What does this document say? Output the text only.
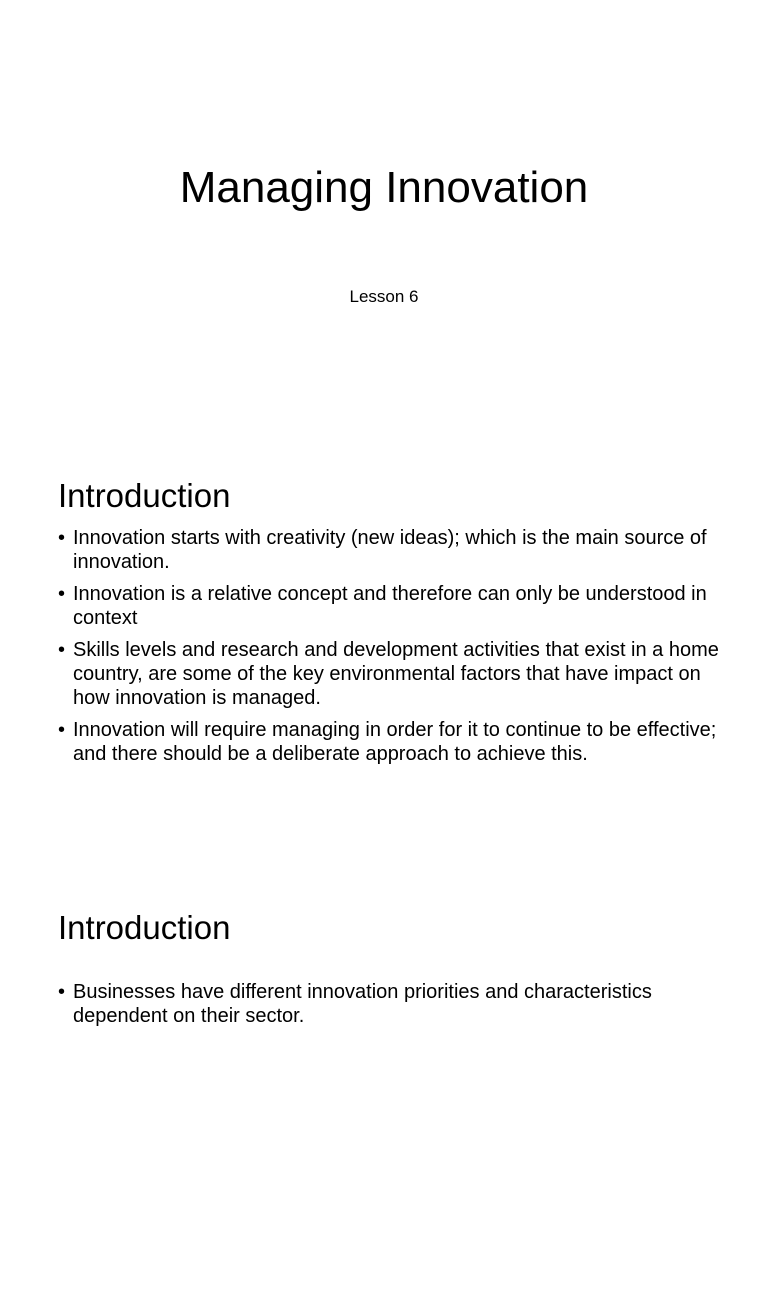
Managing Innovation

Lesson 6

Introduction
• Innovation starts with creativity (new ideas); which is the main source of innovation.
• Innovation is a relative concept and therefore can only be understood in context
• Skills levels and research and development activities that exist in a home country, are some of the key environmental factors that have impact on how innovation is managed.
• Innovation will require managing in order for it to continue to be effective; and there should be a deliberate approach to achieve this.
Introduction
• Businesses have different innovation priorities and characteristics dependent on their sector.
